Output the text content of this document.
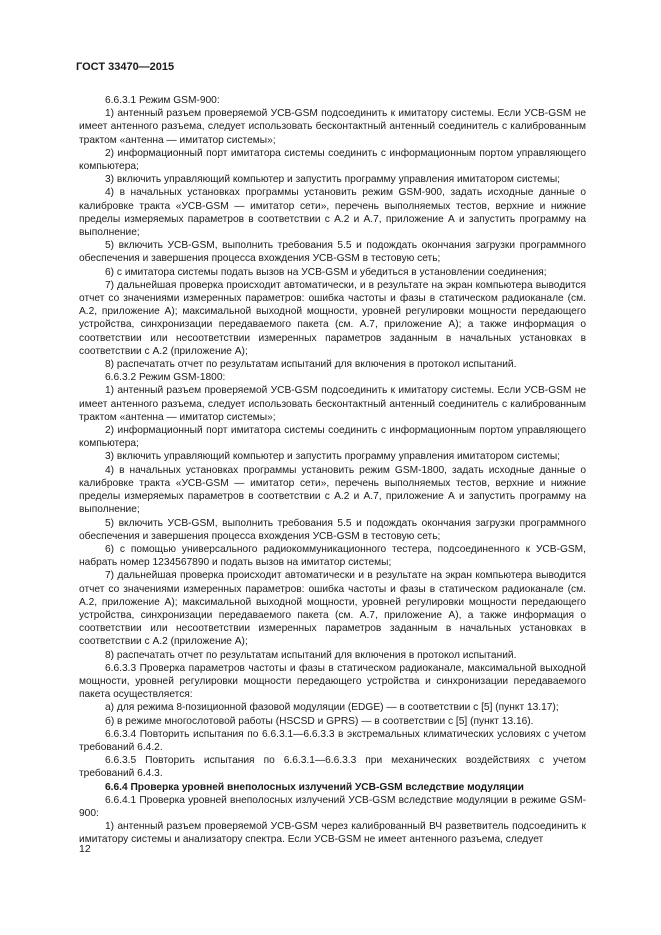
ГОСТ 33470—2015

6.6.3.1 Режим GSM-900:

1) антенный разъем проверяемой УСВ-GSM подсоединить к имитатору системы. Если УСВ-GSM не имеет антенного разъема, следует использовать бесконтактный антенный соединитель с калиброванным трактом «антенна — имитатор системы»;

2) информационный порт имитатора системы соединить с информационным портом управляющего компьютера;

3) включить управляющий компьютер и запустить программу управления имитатором системы;

4) в начальных установках программы установить режим GSM-900, задать исходные данные о калибровке тракта «УСВ-GSM — имитатор сети», перечень выполняемых тестов, верхние и нижние пределы измеряемых параметров в соответствии с А.2 и А.7, приложение А и запустить программу на выполнение;

5) включить УСВ-GSM, выполнить требования 5.5 и подождать окончания загрузки программного обеспечения и завершения процесса вхождения УСВ-GSM в тестовую сеть;

6) с имитатора системы подать вызов на УСВ-GSM и убедиться в установлении соединения;

7) дальнейшая проверка происходит автоматически, и в результате на экран компьютера выводится отчет со значениями измеренных параметров: ошибка частоты и фазы в статическом радиоканале (см. А.2, приложение А); максимальной выходной мощности, уровней регулировки мощности передающего устройства, синхронизации передаваемого пакета (см. А.7, приложение А); а также информация о соответствии или несоответствии измеренных параметров заданным в начальных установках в соответствии с А.2 (приложение А);

8) распечатать отчет по результатам испытаний для включения в протокол испытаний.

6.6.3.2 Режим GSM-1800:

1) антенный разъем проверяемой УСВ-GSM подсоединить к имитатору системы. Если УСВ-GSM не имеет антенного разъема, следует использовать бесконтактный антенный соединитель с калиброванным трактом «антенна — имитатор системы»;

2) информационный порт имитатора системы соединить с информационным портом управляющего компьютера;

3) включить управляющий компьютер и запустить программу управления имитатором системы;

4) в начальных установках программы установить режим GSM-1800, задать исходные данные о калибровке тракта «УСВ-GSM — имитатор сети», перечень выполняемых тестов, верхние и нижние пределы измеряемых параметров в соответствии с А.2 и А.7, приложение А и запустить программу на выполнение;

5) включить УСВ-GSM, выполнить требования 5.5 и подождать окончания загрузки программного обеспечения и завершения процесса вхождения УСВ-GSM в тестовую сеть;

6) с помощью универсального радиокоммуникационного тестера, подсоединенного к УСВ-GSM, набрать номер 1234567890 и подать вызов на имитатор системы;

7) дальнейшая проверка происходит автоматически и в результате на экран компьютера выводится отчет со значениями измеренных параметров: ошибка частоты и фазы в статическом радиоканале (см. А.2, приложение А); максимальной выходной мощности, уровней регулировки мощности передающего устройства, синхронизации передаваемого пакета (см. А.7, приложение А), а также информация о соответствии или несоответствии измеренных параметров заданным в начальных установках в соответствии с А.2 (приложение А);

8) распечатать отчет по результатам испытаний для включения в протокол испытаний.

6.6.3.3 Проверка параметров частоты и фазы в статическом радиоканале, максимальной выходной мощности, уровней регулировки мощности передающего устройства и синхронизации передаваемого пакета осуществляется:

а) для режима 8-позиционной фазовой модуляции (EDGE) — в соответствии с [5] (пункт 13.17);

б) в режиме многослотовой работы (HSCSD и GPRS) — в соответствии с [5] (пункт 13.16).

6.6.3.4 Повторить испытания по 6.6.3.1—6.6.3.3 в экстремальных климатических условиях с учетом требований 6.4.2.

6.6.3.5 Повторить испытания по 6.6.3.1—6.6.3.3 при механических воздействиях с учетом требований 6.4.3.

6.6.4 Проверка уровней внеполосных излучений УСВ-GSM вследствие модуляции

6.6.4.1 Проверка уровней внеполосных излучений УСВ-GSM вследствие модуляции в режиме GSM-900:

1) антенный разъем проверяемой УСВ-GSM через калиброванный ВЧ разветвитель подсоединить к имитатору системы и анализатору спектра. Если УСВ-GSM не имеет антенного разъема, следует

12
